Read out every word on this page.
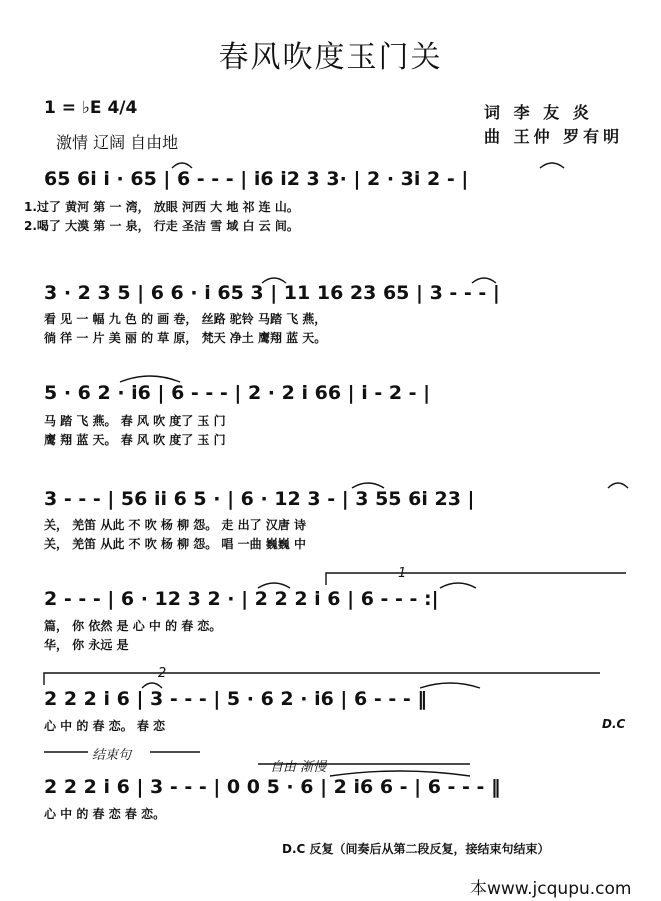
春风吹度玉门关
1 = ♭E 4/4
激情 辽阔 自由地
词 李 友 炎
曲 王仲 罗有明
65 6i i · 65 | 6 - - - | i6 i2 3 3· | 2 · 3i 2 - |
1.过了 黄河 第 一 湾， 放眼 河西 大 地 祁 连 山。
2.喝了 大漠 第 一 泉， 行走 圣洁 雪 域 白 云 间。
3 · 2 3 5 | 6 6 · i 65 3 | 11 16 23 65 | 3 - - - |
看 见 一 幅 九 色 的 画 卷， 丝路 驼铃 马踏 飞 燕，
徜 徉 一 片 美 丽 的 草 原， 梵天 净土 鹰翔 蓝 天。
5 · 6 2 · i6 | 6 - - - | 2 · 2 i 66 | i - 2 - |
马 踏 飞 燕。 春 风 吹 度了 玉 门
鹰 翔 蓝 天。 春 风 吹 度了 玉 门
3 - - - | 56 ii 6 5 · | 6 · 12 3 - | 3 55 6i 23 |
关， 羌笛 从此 不 吹 杨 柳 怨。 走 出了 汉唐 诗
关， 羌笛 从此 不 吹 杨 柳 怨。 唱 一曲 巍巍 中
1
2 - - - | 6 · 12 3 2 · | 2 2 2 i 6 | 6 - - - :|
篇， 你 依然 是 心 中 的 春 恋。
华， 你 永远 是
2
2 2 2 i 6 | 3 - - - | 5 · 6 2 · i6 | 6 - - - ‖
心 中 的 春 恋。 春 恋	D.C
结束句
自由 渐慢
2 2 2 i 6 | 3 - - - | 0 0 5 · 6 | 2 i6 6 - | 6 - - - ‖
心 中 的 春 恋 春 恋。
D.C 反复（间奏后从第二段反复，接结束句结束）
本www.jcqupu.com
